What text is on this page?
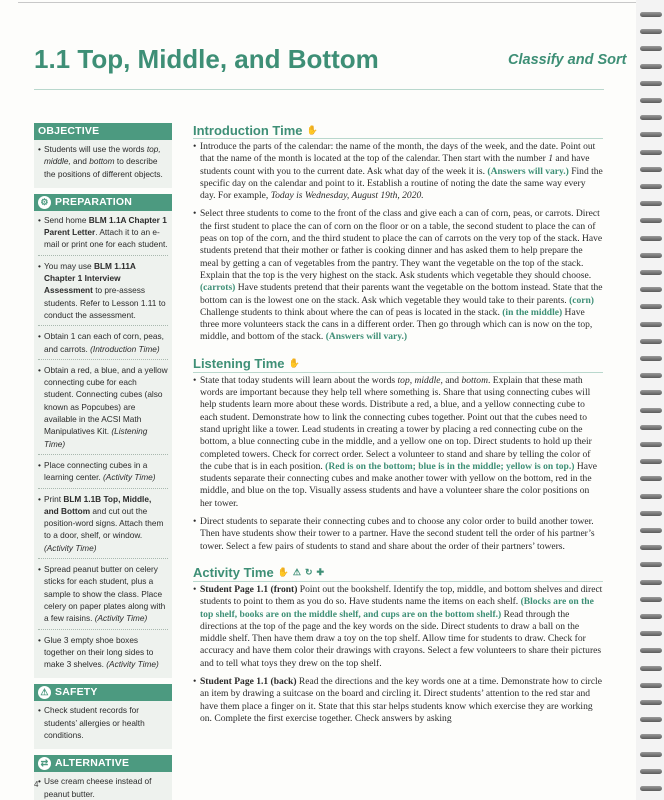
1.1 Top, Middle, and Bottom	Classify and Sort
OBJECTIVE
• Students will use the words top, middle, and bottom to describe the positions of different objects.
⚙ PREPARATION
• Send home BLM 1.1A Chapter 1 Parent Letter. Attach it to an e-mail or print one for each student.
• You may use BLM 1.11A Chapter 1 Interview Assessment to pre-assess students. Refer to Lesson 1.11 to conduct the assessment.
• Obtain 1 can each of corn, peas, and carrots. (Introduction Time)
• Obtain a red, a blue, and a yellow connecting cube for each student. Connecting cubes (also known as Popcubes) are available in the ACSI Math Manipulatives Kit. (Listening Time)
• Place connecting cubes in a learning center. (Activity Time)
• Print BLM 1.1B Top, Middle, and Bottom and cut out the position-word signs. Attach them to a door, shelf, or window. (Activity Time)
• Spread peanut butter on celery sticks for each student, plus a sample to show the class. Place celery on paper plates along with a few raisins. (Activity Time)
• Glue 3 empty shoe boxes together on their long sides to make 3 shelves. (Activity Time)
⚠ SAFETY
• Check student records for students’ allergies or health conditions.
⇄ ALTERNATIVE
• Use cream cheese instead of peanut butter.
Introduction Time ✋
• Introduce the parts of the calendar: the name of the month, the days of the week, and the date. Point out that the name of the month is located at the top of the calendar. Then start with the number 1 and have students count with you to the current date. Ask what day of the week it is. (Answers will vary.) Find the specific day on the calendar and point to it. Establish a routine of noting the date the same way every day. For example, Today is Wednesday, August 19th, 2020.
• Select three students to come to the front of the class and give each a can of corn, peas, or carrots. Direct the first student to place the can of corn on the floor or on a table, the second student to place the can of peas on top of the corn, and the third student to place the can of carrots on the very top of the stack. Have students pretend that their mother or father is cooking dinner and has asked them to help prepare the meal by getting a can of vegetables from the pantry. They want the vegetable on the top of the stack. Explain that the top is the very highest on the stack. Ask students which vegetable they should choose. (carrots) Have students pretend that their parents want the vegetable on the bottom instead. State that the bottom can is the lowest one on the stack. Ask which vegetable they would take to their parents. (corn) Challenge students to think about where the can of peas is located in the stack. (in the middle) Have three more volunteers stack the cans in a different order. Then go through which can is now on the top, middle, and bottom of the stack. (Answers will vary.)
Listening Time ✋
• State that today students will learn about the words top, middle, and bottom. Explain that these math words are important because they help tell where something is. Share that using connecting cubes will help students learn more about these words. Distribute a red, a blue, and a yellow connecting cube to each student. Demonstrate how to link the connecting cubes together. Point out that the cubes need to stand upright like a tower. Lead students in creating a tower by placing a red connecting cube on the bottom, a blue connecting cube in the middle, and a yellow one on top. Direct students to hold up their completed towers. Check for correct order. Select a volunteer to stand and share by telling the color of the cube that is in each position. (Red is on the bottom; blue is in the middle; yellow is on top.) Have students separate their connecting cubes and make another tower with yellow on the bottom, red in the middle, and blue on the top. Visually assess students and have a volunteer share the color positions on her tower.
• Direct students to separate their connecting cubes and to choose any color order to build another tower. Then have students show their tower to a partner. Have the second student tell the order of his partner’s tower. Select a few pairs of students to stand and share about the order of their partners’ towers.
Activity Time ✋ ⚠ ↻ ✚
• Student Page 1.1 (front) Point out the bookshelf. Identify the top, middle, and bottom shelves and direct students to point to them as you do so. Have students name the items on each shelf. (Blocks are on the top shelf, books are on the middle shelf, and cups are on the bottom shelf.) Read through the directions at the top of the page and the key words on the side. Direct students to draw a ball on the middle shelf. Then have them draw a toy on the top shelf. Allow time for students to draw. Check for accuracy and have them color their drawings with crayons. Select a few volunteers to share their pictures and to tell what toys they drew on the top shelf.
• Student Page 1.1 (back) Read the directions and the key words one at a time. Demonstrate how to circle an item by drawing a suitcase on the board and circling it. Direct students’ attention to the red star and have them place a finger on it. State that this star helps students know which exercise they are working on. Complete the first exercise together. Check answers by asking
4
